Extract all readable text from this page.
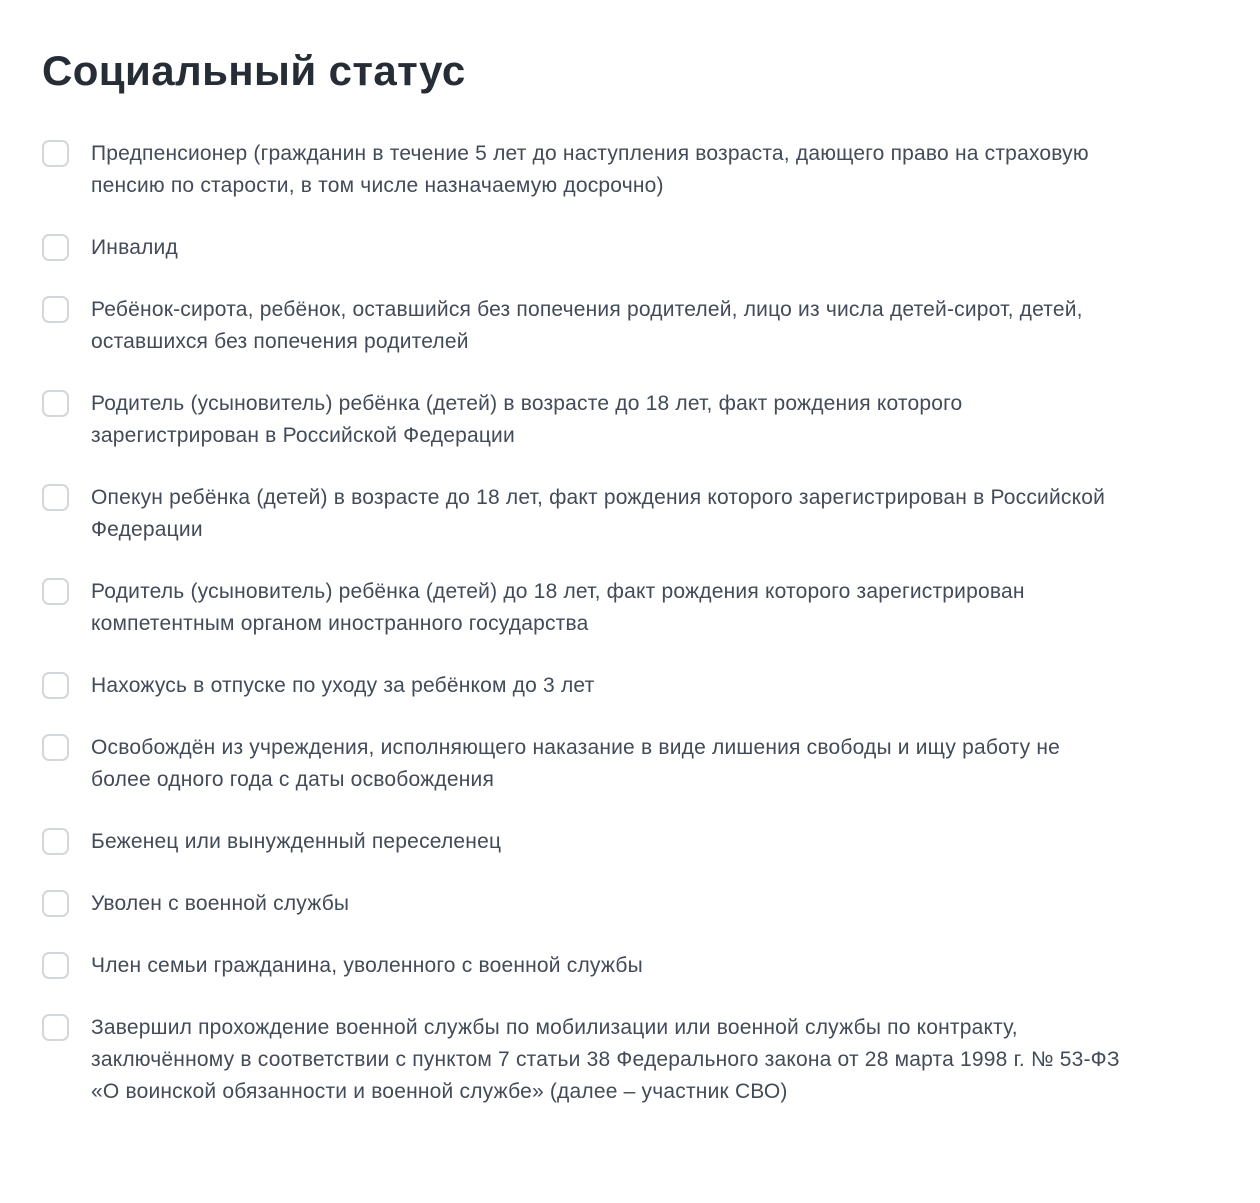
Социальный статус
Предпенсионер (гражданин в течение 5 лет до наступления возраста, дающего право на страховую пенсию по старости, в том числе назначаемую досрочно)
Инвалид
Ребёнок-сирота, ребёнок, оставшийся без попечения родителей, лицо из числа детей-сирот, детей, оставшихся без попечения родителей
Родитель (усыновитель) ребёнка (детей) в возрасте до 18 лет, факт рождения которого зарегистрирован в Российской Федерации
Опекун ребёнка (детей) в возрасте до 18 лет, факт рождения которого зарегистрирован в Российской Федерации
Родитель (усыновитель) ребёнка (детей) до 18 лет, факт рождения которого зарегистрирован компетентным органом иностранного государства
Нахожусь в отпуске по уходу за ребёнком до 3 лет
Освобождён из учреждения, исполняющего наказание в виде лишения свободы и ищу работу не более одного года с даты освобождения
Беженец или вынужденный переселенец
Уволен с военной службы
Член семьи гражданина, уволенного с военной службы
Завершил прохождение военной службы по мобилизации или военной службы по контракту, заключённому в соответствии с пунктом 7 статьи 38 Федерального закона от 28 марта 1998 г. № 53-ФЗ «О воинской обязанности и военной службе» (далее – участник СВО)
